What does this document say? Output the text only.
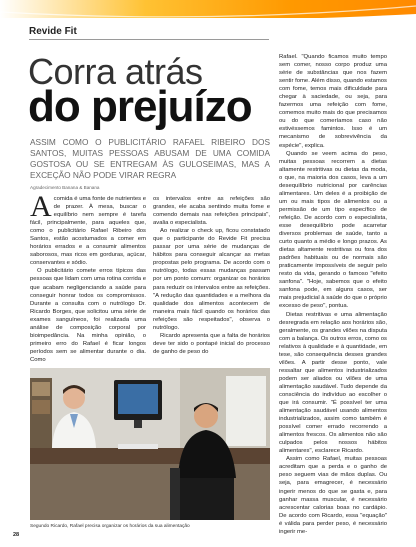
Revide Fit
Corra atrás
do prejuízo
ASSIM COMO O PUBLICITÁRIO RAFAEL RIBEIRO DOS SANTOS, MUITAS PESSOAS ABUSAM DE UMA COMIDA GOSTOSA OU SE ENTREGAM ÀS GULOSEIMAS, MAS A EXCEÇÃO NÃO PODE VIRAR REGRA
Agradecimento Banana & Banana
A comida é uma fonte de nutrientes e de prazer. À mesa, buscar o equilíbrio nem sempre é tarefa fácil, principalmente, para aqueles que, como o publicitário Rafael Ribeiro dos Santos, estão acostumados a comer em horários errados e a consumir alimentos saborosos, mas ricos em gorduras, açúcar, conservantes e sódio.

O publicitário comete erros típicos das pessoas que lidam com uma rotina corrida e que acabam negligenciando a saúde para conseguir honrar todos os compromissos. Durante a consulta com o nutrólogo Dr. Ricardo Borges, que solicitou uma série de exames sanguíneos, foi realizada uma análise de composição corporal por bioimpedância. Na minha opinião, o primeiro erro do Rafael é ficar longos períodos sem se alimentar durante o dia. Como

os intervalos entre as refeições são grandes, ele acaba sentindo muita fome e comendo demais nas refeições principais", avalia o especialista.

Ao realizar o check up, ficou constatado que o participante do Revide Fit precisa passar por uma série de mudanças de hábitos para conseguir alcançar as metas propostas pelo programa. De acordo com o nutrólogo, todas essas mudanças passam por um ponto comum: organizar os horários para reduzir os intervalos entre as refeições. "A redução das quantidades e a melhora da qualidade dos alimentos acontecem de maneira mais fácil quando os horários das refeições são respeitados", observa o nutrólogo.

Ricardo apresenta que a falta de horários deve ter sido o pontapé inicial do processo de ganho de peso do

Rafael. "Quando ficamos muito tempo sem comer, nosso corpo produz uma série de substâncias que nos fazem sentir fome. Além disso, quando estamos com fome, temos mais dificuldade para chegar à saciedade, ou seja, para fazermos uma refeição com fome, comemos muito mais do que precisamos ou do que comeríamos caso não estivéssemos famintos. Isso é um mecanismo de sobrevivência da espécie", explica.

Quando se veem acima do peso, muitas pessoas recorrem a dietas altamente restritivas ou dietas da moda, o que, na maioria dos casos, leva a um desequilíbrio nutricional por carências alimentares. Um deles é a proibição de um ou mais tipos de alimentos ou a permissão de um tipo específico de refeição. De acordo com o especialista, esse desequilíbrio pode acarretar diversos problemas de saúde, tanto a curto quanto a médio e longo prazos. As dietas altamente restritivas ou fora dos padrões habituais ou de normais são praticamente impossíveis de seguir pelo resto da vida, gerando o famoso "efeito sanfona". "Hoje, sabemos que o efeito sanfona pode, em alguns casos, ser mais prejudicial à saúde do que o próprio excesso de peso", pontua.

Dietas restritivas e uma alimentação desregrada em relação aos horários são, geralmente, os grandes vilões na disputa com a balança. Os outros erros, como os relativos à qualidade e à quantidade, em tese, são consequência desses grandes vilões. A partir desse ponto, vale ressaltar que alimentos industrializados podem ser aliados ou vilões de uma alimentação saudável. Tudo depende da consciência do indivíduo ao escolher o que irá consumir. "É possível ter uma alimentação saudável usando alimentos industrializados, assim como também é possível comer errado recorrendo a alimentos frescos. Os alimentos não são culpados pelos nossos hábitos alimentares", esclarece Ricardo.

Assim como Rafael, muitas pessoas acreditam que a perda e o ganho de peso seguem vias de mãos duplas. Ou seja, para emagrecer, é necessário ingerir menos do que se gasta e, para ganhar massa muscular, é necessário acrescentar calorias boas no cardápio. De acordo com Ricardo, essa "equação" é válida para perder peso, é necessário ingerir me-

Segundo Ricardo, Rafael precisa organizar os horários da sua alimentação
28
